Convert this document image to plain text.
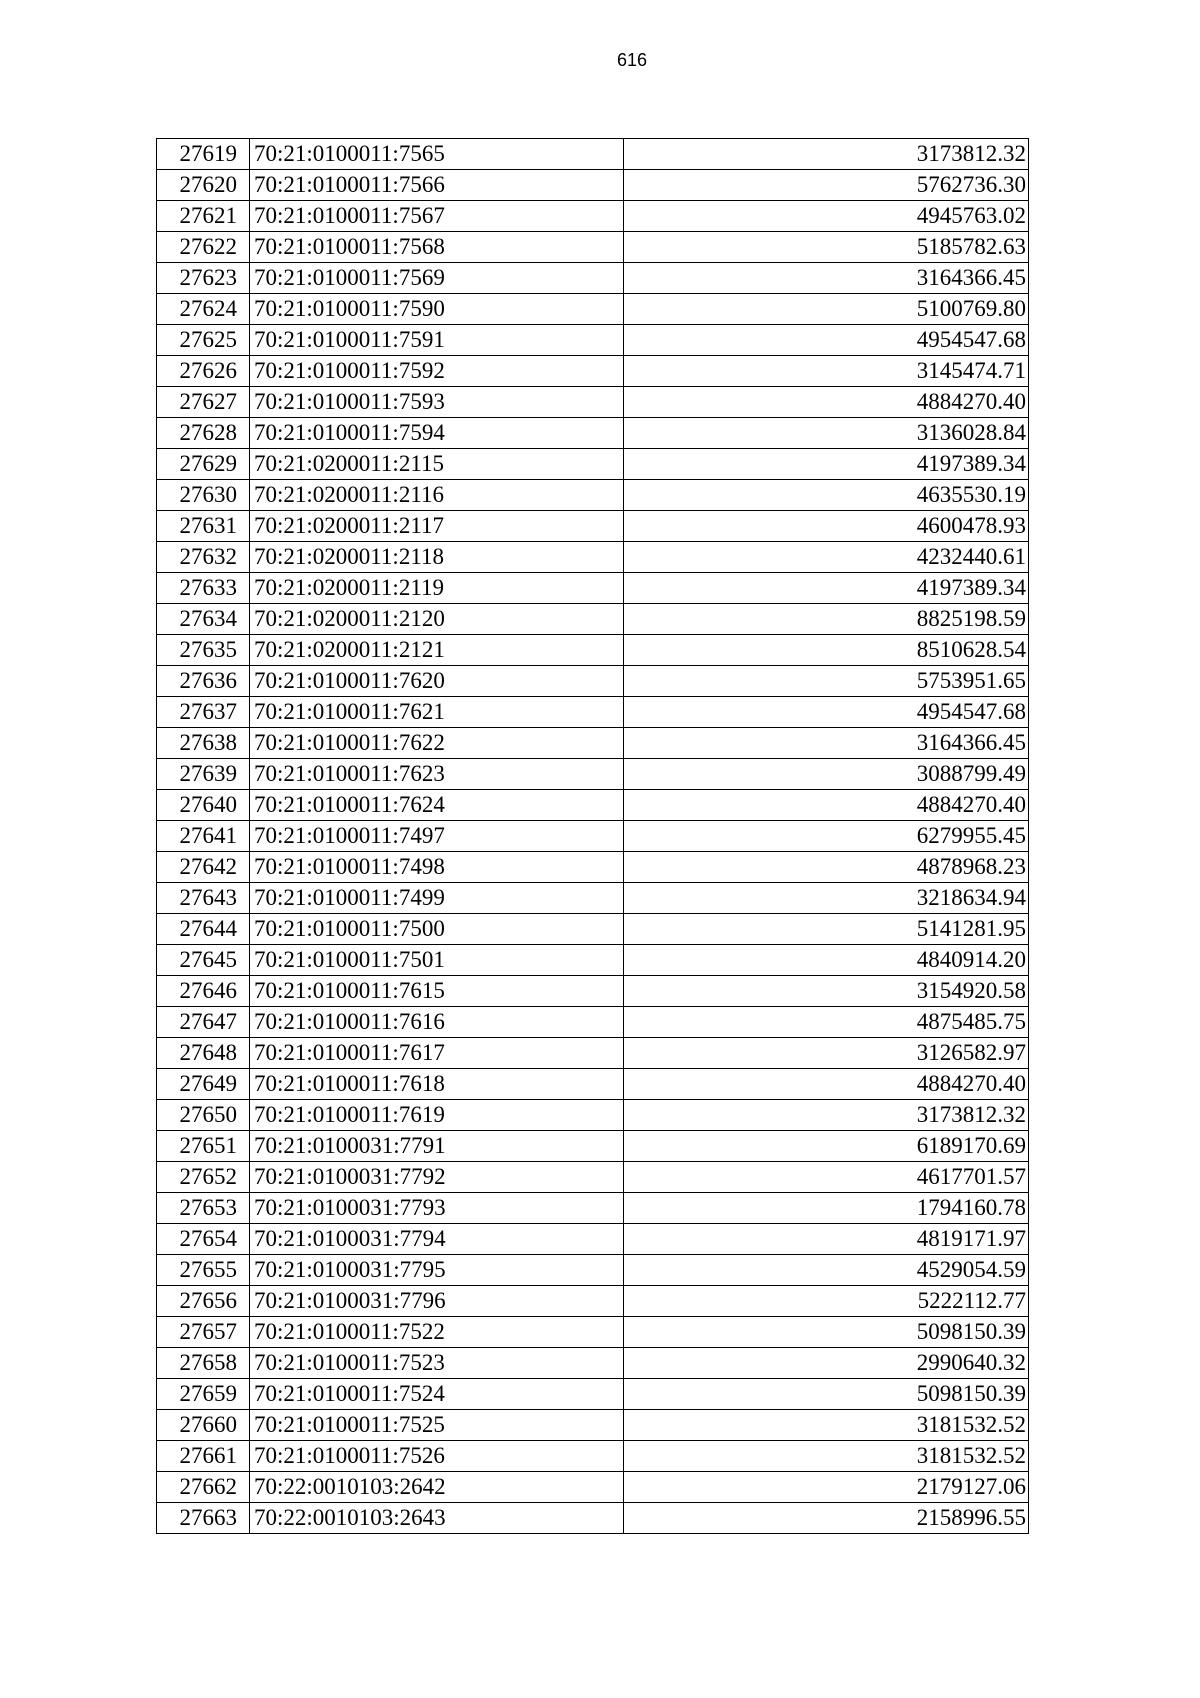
616
27619	70:21:0100011:7565	3173812.32
27620	70:21:0100011:7566	5762736.30
27621	70:21:0100011:7567	4945763.02
27622	70:21:0100011:7568	5185782.63
27623	70:21:0100011:7569	3164366.45
27624	70:21:0100011:7590	5100769.80
27625	70:21:0100011:7591	4954547.68
27626	70:21:0100011:7592	3145474.71
27627	70:21:0100011:7593	4884270.40
27628	70:21:0100011:7594	3136028.84
27629	70:21:0200011:2115	4197389.34
27630	70:21:0200011:2116	4635530.19
27631	70:21:0200011:2117	4600478.93
27632	70:21:0200011:2118	4232440.61
27633	70:21:0200011:2119	4197389.34
27634	70:21:0200011:2120	8825198.59
27635	70:21:0200011:2121	8510628.54
27636	70:21:0100011:7620	5753951.65
27637	70:21:0100011:7621	4954547.68
27638	70:21:0100011:7622	3164366.45
27639	70:21:0100011:7623	3088799.49
27640	70:21:0100011:7624	4884270.40
27641	70:21:0100011:7497	6279955.45
27642	70:21:0100011:7498	4878968.23
27643	70:21:0100011:7499	3218634.94
27644	70:21:0100011:7500	5141281.95
27645	70:21:0100011:7501	4840914.20
27646	70:21:0100011:7615	3154920.58
27647	70:21:0100011:7616	4875485.75
27648	70:21:0100011:7617	3126582.97
27649	70:21:0100011:7618	4884270.40
27650	70:21:0100011:7619	3173812.32
27651	70:21:0100031:7791	6189170.69
27652	70:21:0100031:7792	4617701.57
27653	70:21:0100031:7793	1794160.78
27654	70:21:0100031:7794	4819171.97
27655	70:21:0100031:7795	4529054.59
27656	70:21:0100031:7796	5222112.77
27657	70:21:0100011:7522	5098150.39
27658	70:21:0100011:7523	2990640.32
27659	70:21:0100011:7524	5098150.39
27660	70:21:0100011:7525	3181532.52
27661	70:21:0100011:7526	3181532.52
27662	70:22:0010103:2642	2179127.06
27663	70:22:0010103:2643	2158996.55
